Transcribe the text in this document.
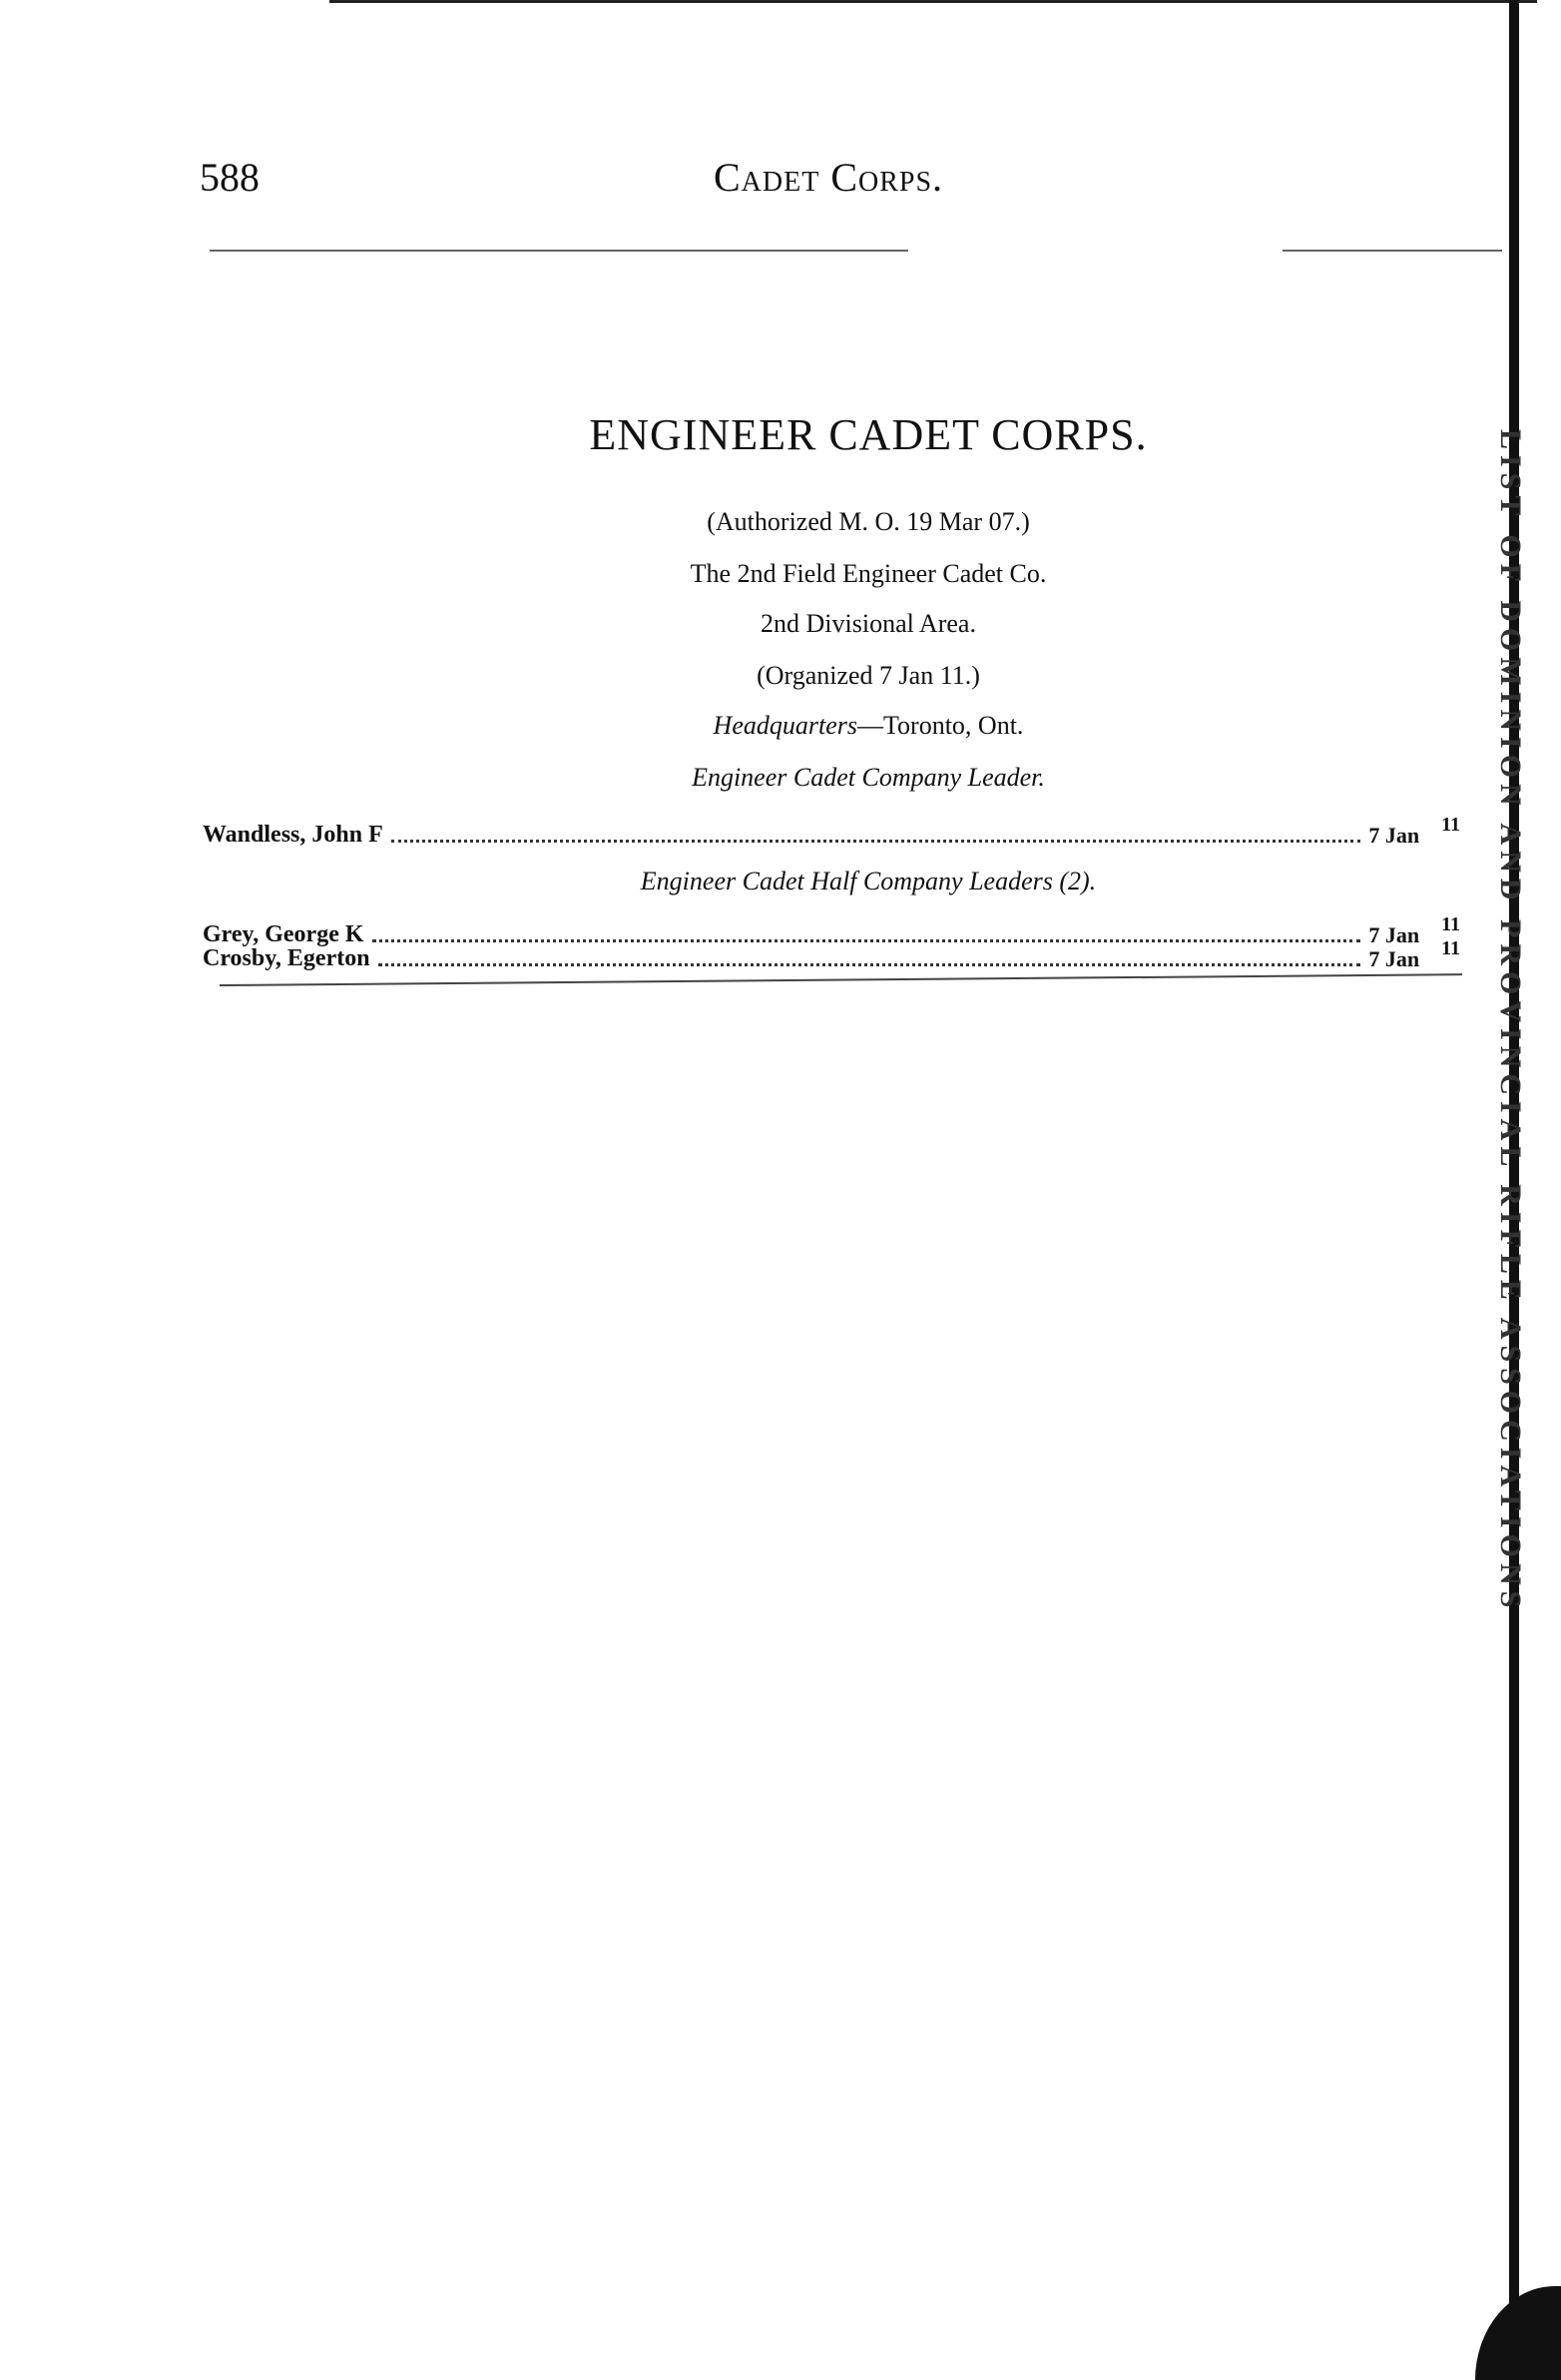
LIST OF DOMINION AND PROVINCIAL RIFLE ASSOCIATIONS
588	Cadet Corps.
ENGINEER CADET CORPS.
(Authorized M. O. 19 Mar 07.)
The 2nd Field Engineer Cadet Co.
2nd Divisional Area.
(Organized 7 Jan 11.)
Headquarters—Toronto, Ont.
Engineer Cadet Company Leader.
Wandless, John F	7 Jan 11
Engineer Cadet Half Company Leaders (2).
Grey, George K	7 Jan 11
Crosby, Egerton	7 Jan 11
